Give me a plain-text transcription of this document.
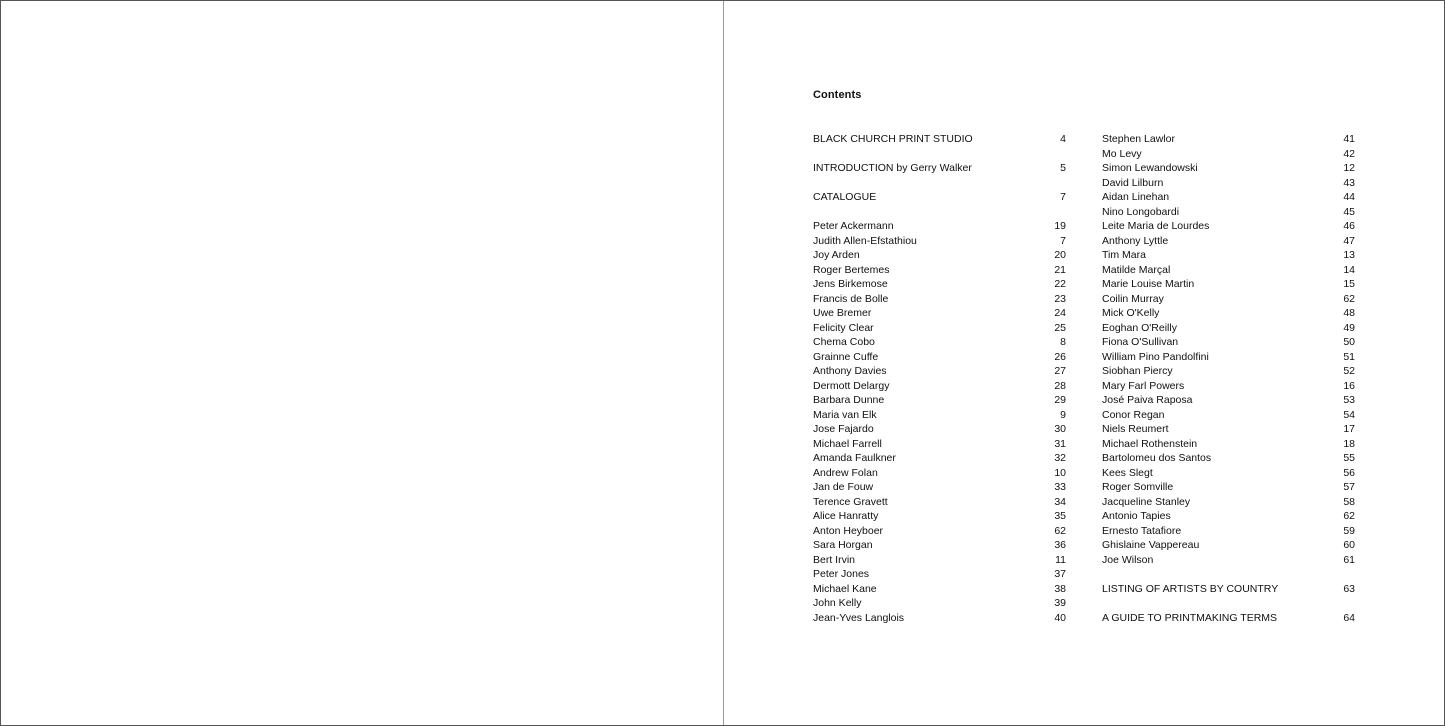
Contents
BLACK CHURCH PRINT STUDIO	4
INTRODUCTION by Gerry Walker	5
CATALOGUE	7
Peter Ackermann	19
Judith Allen-Efstathiou	7
Joy Arden	20
Roger Bertemes	21
Jens Birkemose	22
Francis de Bolle	23
Uwe Bremer	24
Felicity Clear	25
Chema Cobo	8
Grainne Cuffe	26
Anthony Davies	27
Dermott Delargy	28
Barbara Dunne	29
Maria van Elk	9
Jose Fajardo	30
Michael Farrell	31
Amanda Faulkner	32
Andrew Folan	10
Jan de Fouw	33
Terence Gravett	34
Alice Hanratty	35
Anton Heyboer	62
Sara Horgan	36
Bert Irvin	11
Peter Jones	37
Michael Kane	38
John Kelly	39
Jean-Yves Langlois	40
Stephen Lawlor	41
Mo Levy	42
Simon Lewandowski	12
David Lilburn	43
Aidan Linehan	44
Nino Longobardi	45
Leite Maria de Lourdes	46
Anthony Lyttle	47
Tim Mara	13
Matilde Marçal	14
Marie Louise Martin	15
Coilin Murray	62
Mick O'Kelly	48
Eoghan O'Reilly	49
Fiona O'Sullivan	50
William Pino Pandolfini	51
Siobhan Piercy	52
Mary Farl Powers	16
José Paiva Raposa	53
Conor Regan	54
Niels Reumert	17
Michael Rothenstein	18
Bartolomeu dos Santos	55
Kees Slegt	56
Roger Somville	57
Jacqueline Stanley	58
Antonio Tapies	62
Ernesto Tatafiore	59
Ghislaine Vappereau	60
Joe Wilson	61
LISTING OF ARTISTS BY COUNTRY	63
A GUIDE TO PRINTMAKING TERMS	64
